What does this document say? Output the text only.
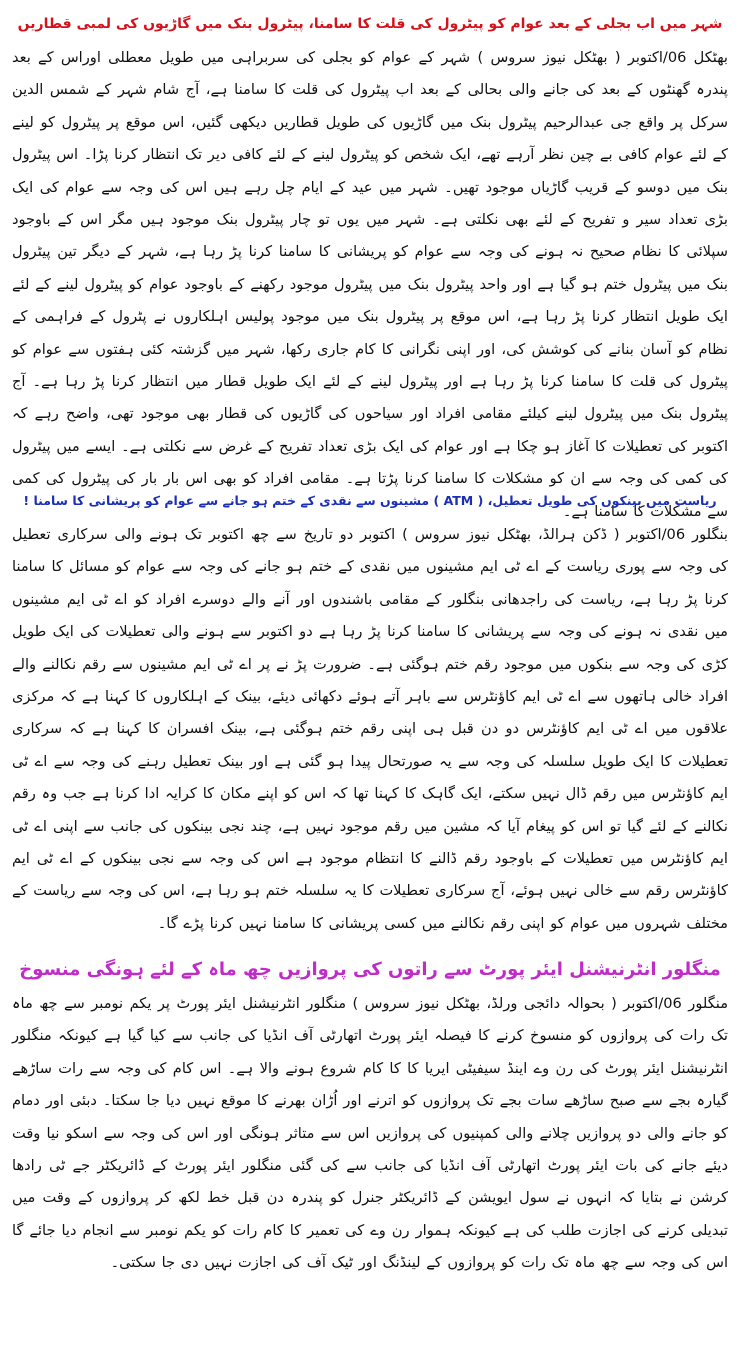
شہر میں اب بجلی کے بعد عوام کو پیٹرول کی قلت کا سامنا، پیٹرول بنک میں گاڑیوں کی لمبی قطاریں

بھٹکل 06/اکتوبر ( بھٹکل نیوز سروس ) شہر کے عوام کو بجلی کی سربراہی میں طویل معطلی اوراس کے بعد پندرہ گھنٹوں کے بعد کی جانے والی بحالی کے بعد اب پیٹرول کی قلت کا سامنا ہے، آج شام شہر کے شمس الدین سرکل پر واقع جی عبدالرحیم پیٹرول بنک میں گاڑیوں کی طویل قطاریں دیکھی گئیں، اس موقع پر پیٹرول کو لینے کے لئے عوام کافی بے چین نظر آرہے تھے، ایک شخص کو پیٹرول لینے کے لئے کافی دیر تک انتظار کرنا پڑا۔ اس پیٹرول بنک میں دوسو کے قریب گاڑیاں موجود تھیں۔ شہر میں عید کے ایام چل رہے ہیں اس کی وجہ سے عوام کی ایک بڑی تعداد سیر و تفریح کے لئے بھی نکلتی ہے۔ شہر میں یوں تو چار پیٹرول بنک موجود ہیں مگر اس کے باوجود سپلائی کا نظام صحیح نہ ہونے کی وجہ سے عوام کو پریشانی کا سامنا کرنا پڑ رہا ہے، شہر کے دیگر تین پیٹرول بنک میں پیٹرول ختم ہو گیا ہے اور واحد پیٹرول بنک میں پیٹرول موجود رکھنے کے باوجود عوام کو پیٹرول لینے کے لئے ایک طویل انتظار کرنا پڑ رہا ہے، اس موقع پر پیٹرول بنک میں موجود پولیس اہلکاروں نے پٹرول کے فراہمی کے نظام کو آسان بنانے کی کوشش کی، اور اپنی نگرانی کا کام جاری رکھا، شہر میں گزشتہ کئی ہفتوں سے عوام کو پیٹرول کی قلت کا سامنا کرنا پڑ رہا ہے اور پیٹرول لینے کے لئے ایک طویل قطار میں انتظار کرنا پڑ رہا ہے۔ آج پیٹرول بنک میں پیٹرول لینے کیلئے مقامی افراد اور سیاحوں کی گاڑیوں کی قطار بھی موجود تھی، واضح رہے کہ اکتوبر کی تعطیلات کا آغاز ہو چکا ہے اور عوام کی ایک بڑی تعداد تفریح کے غرض سے نکلتی ہے۔ ایسے میں پیٹرول کی کمی کی وجہ سے ان کو مشکلات کا سامنا کرنا پڑتا ہے۔ مقامی افراد کو بھی اس بار بار کی پیٹرول کی کمی سے مشکلات کا سامنا ہے۔

ریاست میں بینکوں کی طویل تعطیل، ( ATM ) مشینوں سے نقدی کے ختم ہو جانے سے عوام کو پریشانی کا سامنا !

بنگلور 06/اکتوبر ( ڈکن ہرالڈ، بھٹکل نیوز سروس ) اکتوبر دو تاریخ سے چھ اکتوبر تک ہونے والی سرکاری تعطیل کی وجہ سے پوری ریاست کے اے ٹی ایم مشینوں میں نقدی کے ختم ہو جانے کی وجہ سے عوام کو مسائل کا سامنا کرنا پڑ رہا ہے، ریاست کی راجدھانی بنگلور کے مقامی باشندوں اور آنے والے دوسرے افراد کو اے ٹی ایم مشینوں میں نقدی نہ ہونے کی وجہ سے پریشانی کا سامنا کرنا پڑ رہا ہے دو اکتوبر سے ہونے والی تعطیلات کی ایک طویل کڑی کی وجہ سے بنکوں میں موجود رقم ختم ہوگئی ہے۔ ضرورت پڑ نے پر اے ٹی ایم مشینوں سے رقم نکالنے والے افراد خالی ہاتھوں سے اے ٹی ایم کاؤنٹرس سے باہر آتے ہوئے دکھائی دیئے، بینک کے اہلکاروں کا کہنا ہے کہ مرکزی علاقوں میں اے ٹی ایم کاؤنٹرس دو دن قبل ہی اپنی رقم ختم ہوگئی ہے، بینک افسران کا کہنا ہے کہ سرکاری تعطیلات کا ایک طویل سلسلہ کی وجہ سے یہ صورتحال پیدا ہو گئی ہے اور بینک تعطیل رہنے کی وجہ سے اے ٹی ایم کاؤنٹرس میں رقم ڈال نہیں سکتے، ایک گاہک کا کہنا تھا کہ اس کو اپنے مکان کا کرایہ ادا کرنا ہے جب وہ رقم نکالنے کے لئے گیا تو اس کو پیغام آیا کہ مشین میں رقم موجود نہیں ہے، چند نجی بینکوں کی جانب سے اپنی اے ٹی ایم کاؤنٹرس میں تعطیلات کے باوجود رقم ڈالنے کا انتظام موجود ہے اس کی وجہ سے نجی بینکوں کے اے ٹی ایم کاؤنٹرس رقم سے خالی نہیں ہوئے، آج سرکاری تعطیلات کا یہ سلسلہ ختم ہو رہا ہے، اس کی وجہ سے ریاست کے مختلف شہروں میں عوام کو اپنی رقم نکالنے میں کسی پریشانی کا سامنا نہیں کرنا پڑے گا۔

منگلور انٹرنیشنل ایئر پورٹ سے راتوں کی پروازیں چھ ماہ کے لئے ہونگی منسوخ

منگلور 06/اکتوبر ( بحوالہ دائجی ورلڈ، بھٹکل نیوز سروس ) منگلور انٹرنیشنل ایئر پورٹ پر یکم نومبر سے چھ ماہ تک رات کی پروازوں کو منسوخ کرنے کا فیصلہ ایئر پورٹ اتھارٹی آف انڈیا کی جانب سے کیا گیا ہے کیونکہ منگلور انٹرنیشنل ایئر پورٹ کی رن وے اینڈ سیفیٹی ایریا کا کا کام شروع ہونے والا ہے۔ اس کام کی وجہ سے رات ساڑھے گیارہ بجے سے صبح ساڑھے سات بجے تک پروازوں کو اترنے اور اُڑان بھرنے کا موقع نہیں دیا جا سکتا۔ دبئی اور دمام کو جانے والی دو پروازیں چلانے والی کمپنیوں کی پروازیں اس سے متاثر ہونگی اور اس کی وجہ سے اسکو نیا وقت دیئے جانے کی بات ایئر پورٹ اتھارٹی آف انڈیا کی جانب سے کی گئی منگلور ایئر پورٹ کے ڈائریکٹر جے ٹی رادھا کرشن نے بتایا کہ انہوں نے سول ایویشن کے ڈائریکٹر جنرل کو پندرہ دن قبل خط لکھ کر پروازوں کے وقت میں تبدیلی کرنے کی اجازت طلب کی ہے کیونکہ ہموار رن وے کی تعمیر کا کام رات کو یکم نومبر سے انجام دیا جائے گا اس کی وجہ سے چھ ماہ تک رات کو پروازوں کے لینڈنگ اور ٹیک آف کی اجازت نہیں دی جا سکتی۔
